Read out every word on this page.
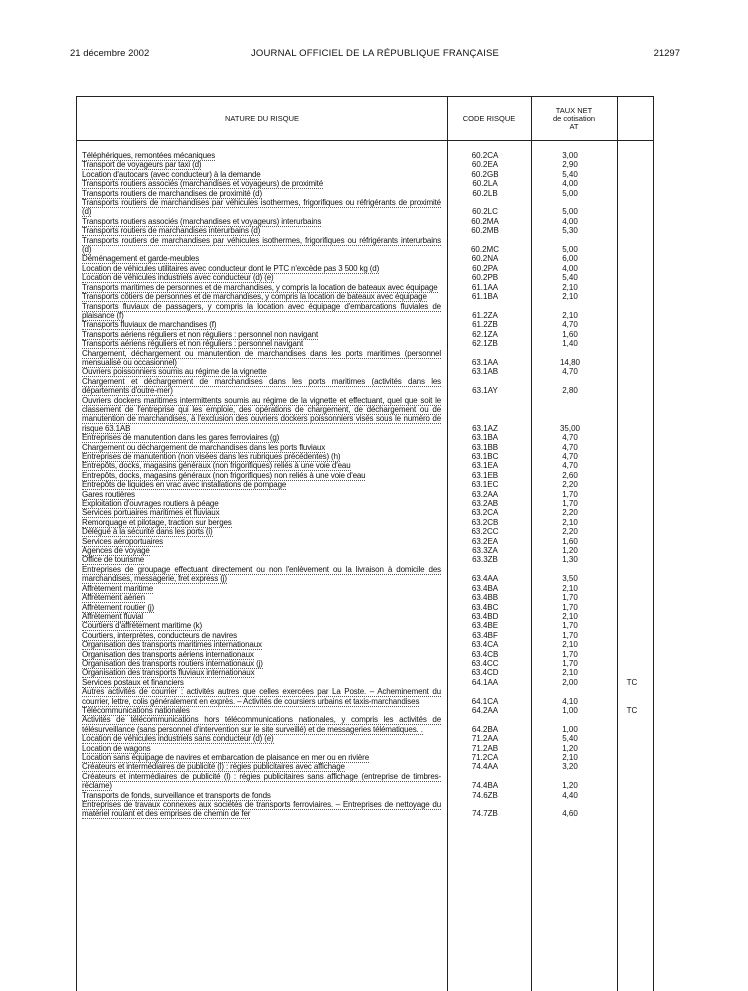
21 décembre 2002	JOURNAL OFFICIEL DE LA RÉPUBLIQUE FRANÇAISE	21297
NATURE DU RISQUE	CODE RISQUE
TAUX NET
de cotisation
AT
Téléphériques, remontées mécaniques	60.2CA	3,00
Transport de voyageurs par taxi (d)	60.2EA	2,90
Location d'autocars (avec conducteur) à la demande	60.2GB	5,40
Transports routiers associés (marchandises et voyageurs) de proximité	60.2LA	4,00
Transports routiers de marchandises de proximité (d)	60.2LB	5,00
Transports routiers de marchandises par véhicules isothermes, frigorifiques ou réfrigérants de proximité (d)	60.2LC	5,00
Transports routiers associés (marchandises et voyageurs) interurbains	60.2MA	4,00
Transports routiers de marchandises interurbains (d)	60.2MB	5,30
Transports routiers de marchandises par véhicules isothermes, frigorifiques ou réfrigérants interurbains (d)	60.2MC	5,00
Déménagement et garde-meubles	60.2NA	6,00
Location de véhicules utilitaires avec conducteur dont le PTC n'excède pas 3 500 kg (d)	60.2PA	4,00
Location de véhicules industriels avec conducteur (d) (e)	60.2PB	5,40
Transports maritimes de personnes et de marchandises, y compris la location de bateaux avec équipage	61.1AA	2,10
Transports côtiers de personnes et de marchandises, y compris la location de bateaux avec équipage	61.1BA	2,10
Transports fluviaux de passagers, y compris la location avec équipage d'embarcations fluviales de plaisance (f)	61.2ZA	2,10
Transports fluviaux de marchandises (f)	61.2ZB	4,70
Transports aériens réguliers et non réguliers : personnel non navigant	62.1ZA	1,60
Transports aériens réguliers et non réguliers : personnel navigant	62.1ZB	1,40
Chargement, déchargement ou manutention de marchandises dans les ports maritimes (personnel mensualisé ou occasionnel)	63.1AA	14,80
Ouvriers poissonniers soumis au régime de la vignette	63.1AB	4,70
Chargement et déchargement de marchandises dans les ports maritimes (activités dans les départements d'outre-mer)	63.1AY	2,80
Ouvriers dockers maritimes intermittents soumis au régime de la vignette et effectuant, quel que soit le classement de l'entreprise qui les emploie, des opérations de chargement, de déchargement ou de manutention de marchandises, à l'exclusion des ouvriers dockers poissonniers visés sous le numéro de risque 63.1AB	63.1AZ	35,00
Entreprises de manutention dans les gares ferroviaires (g)	63.1BA	4,70
Chargement ou déchargement de marchandises dans les ports fluviaux	63.1BB	4,70
Entreprises de manutention (non visées dans les rubriques précédentes) (h)	63.1BC	4,70
Entrepôts, docks, magasins généraux (non frigorifiques) reliés à une voie d'eau	63.1EA	4,70
Entrepôts, docks, magasins généraux (non frigorifiques) non reliés à une voie d'eau	63.1EB	2,60
Entrepôts de liquides en vrac avec installations de pompage	63.1EC	2,20
Gares routières	63.2AA	1,70
Exploitation d'ouvrages routiers à péage	63.2AB	1,70
Services portuaires maritimes et fluviaux	63.2CA	2,20
Remorquage et pilotage, traction sur berges	63.2CB	2,10
Délégué à la sécurité dans les ports (i)	63.2CC	2,20
Services aéroportuaires	63.2EA	1,60
Agences de voyage	63.3ZA	1,20
Office de tourisme	63.3ZB	1,30
Entreprises de groupage effectuant directement ou non l'enlèvement ou la livraison à domicile des marchandises, messagerie, fret express (j)	63.4AA	3,50
Affrètement maritime	63.4BA	2,10
Affrètement aérien	63.4BB	1,70
Affrètement routier (j)	63.4BC	1,70
Affrètement fluvial	63.4BD	2,10
Courtiers d'affrètement maritime (k)	63.4BE	1,70
Courtiers, interprètes, conducteurs de navires	63.4BF	1,70
Organisation des transports maritimes internationaux	63.4CA	2,10
Organisation des transports aériens internationaux	63.4CB	1,70
Organisation des transports routiers internationaux (j)	63.4CC	1,70
Organisation des transports fluviaux internationaux	63.4CD	2,10
Services postaux et financiers	64.1AA	2,00	TC
Autres activités de courrier : activités autres que celles exercées par La Poste. – Acheminement du courrier, lettre, colis généralement en exprès. – Activités de coursiers urbains et taxis-marchandises	64.1CA	4,10
Télécommunications nationales	64.2AA	1,00	TC
Activités de télécommunications hors télécommunications nationales, y compris les activités de télésurveillance (sans personnel d'intervention sur le site surveillé) et de messageries télématiques. .	64.2BA	1,00
Location de véhicules industriels sans conducteur (d) (e)	71.2AA	5,40
Location de wagons	71.2AB	1,20
Location sans équipage de navires et embarcation de plaisance en mer ou en rivière	71.2CA	2,10
Créateurs et intermédiaires de publicité (l) : régies publicitaires avec affichage	74.4AA	3,20
Créateurs et intermédiaires de publicité (l) : régies publicitaires sans affichage (entreprise de timbres-réclame)	74.4BA	1,20
Transports de fonds, surveillance et transports de fonds	74.6ZB	4,40
Entreprises de travaux connexes aux sociétés de transports ferroviaires. – Entreprises de nettoyage du matériel roulant et des emprises de chemin de fer	74.7ZB	4,60
